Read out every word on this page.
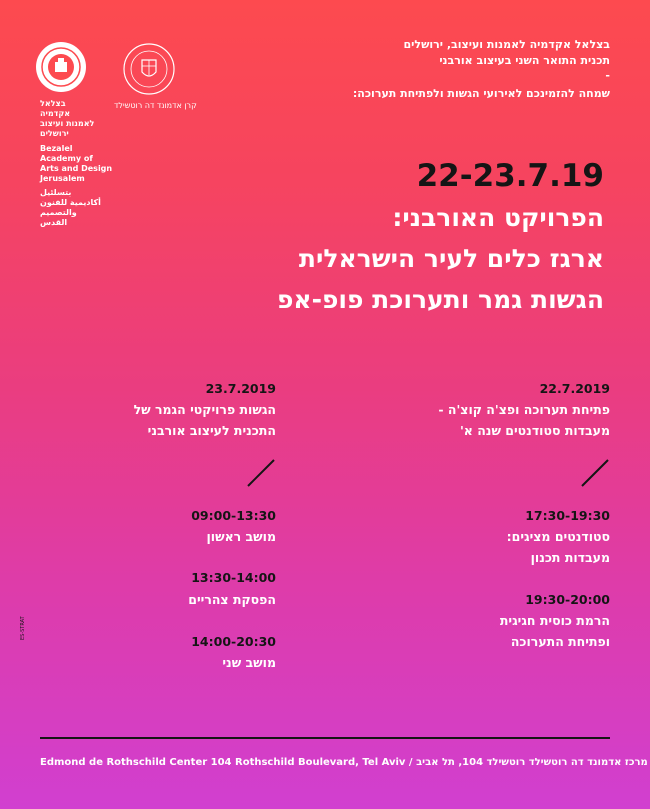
בצלאל אקדמיה לאמנות ועיצוב, ירושלים
תכנית התואר השני בעיצוב אורבני
-
שמחה להזמינכם לאירועי הגשות ולפתיחת תערוכה:
קרן אדמונד דה רוטשילד
בצלאל
אקדמיה
לאמנות ועיצוב
ירושלים
Bezalel
Academy of
Arts and Design
Jerusalem
بتسلئيل
أكاديمية للفنون
والتصميم
القدس
22-23.7.19
הפרויקט האורבני:
ארגז כלים לעיר הישראלית
הגשות גמר ותערוכת פופ-אפ
22.7.2019
פתיחת תערוכה ופצ'ה קוצ'ה -
מעבדות סטודנטים שנה א'
17:30-19:30
סטודנטים מציגים:
מעבדות תכנון
19:30-20:00
הרמת כוסית חגיגית
ופתיחת התערוכה
23.7.2019
הגשות פרויקטי הגמר של
התכנית לעיצוב אורבני
09:00-13:30
מושב ראשון
13:30-14:00
הפסקת צהריים
14:00-20:30
מושב שני
ES-STRAT
Edmond de Rothschild Center 104 Rothschild Boulevard, Tel Aviv / מרכז אדמונד דה רוטשילד רוטשילד 104, תל אביב
